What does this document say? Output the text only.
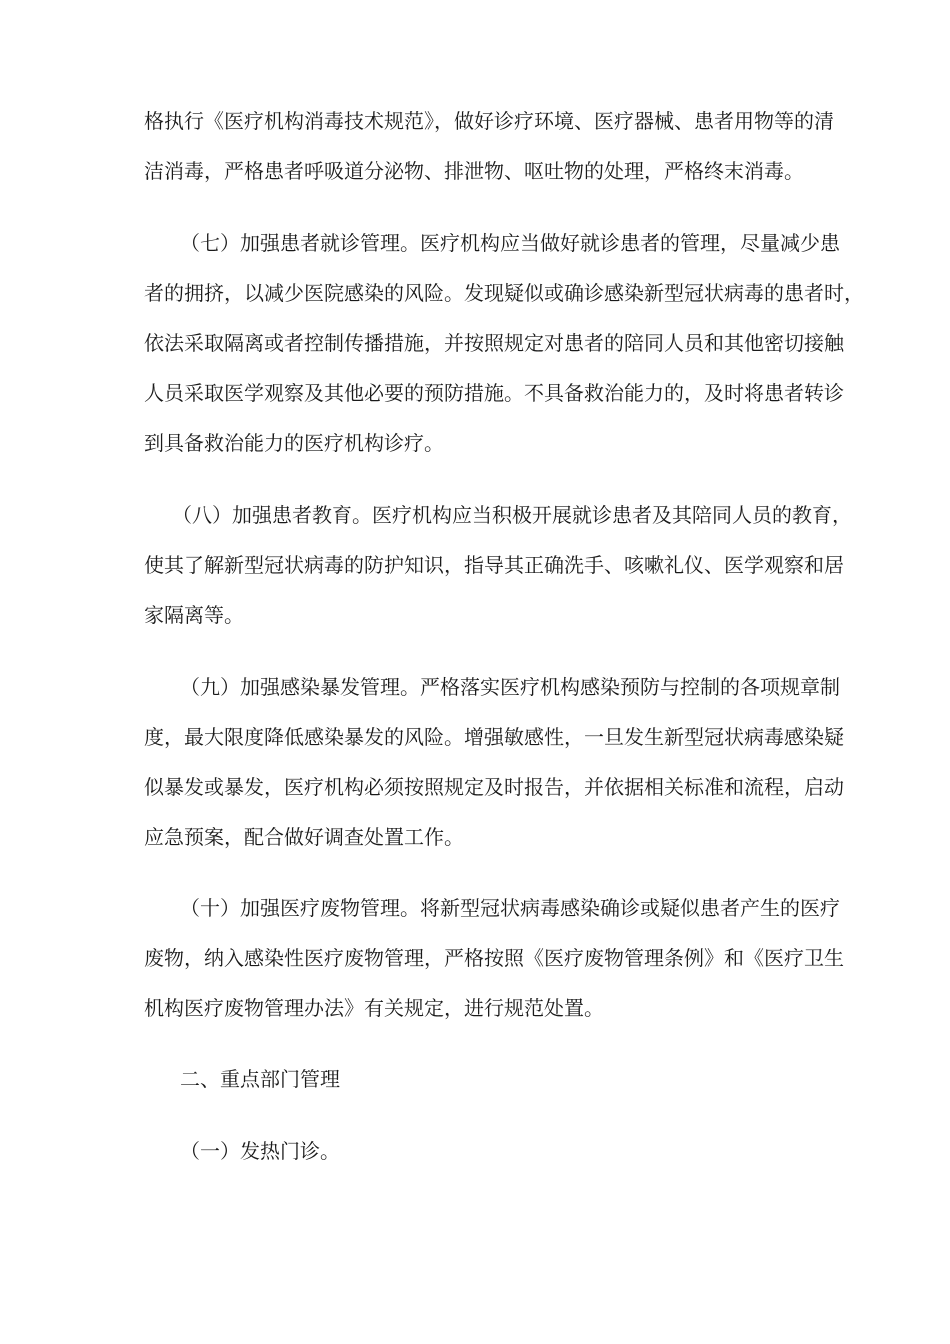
格执行《医疗机构消毒技术规范》，做好诊疗环境、医疗器械、患者用物等的清
洁消毒，严格患者呼吸道分泌物、排泄物、呕吐物的处理，严格终末消毒。
（七）加强患者就诊管理。医疗机构应当做好就诊患者的管理，尽量减少患
者的拥挤，以减少医院感染的风险。发现疑似或确诊感染新型冠状病毒的患者时，
依法采取隔离或者控制传播措施，并按照规定对患者的陪同人员和其他密切接触
人员采取医学观察及其他必要的预防措施。不具备救治能力的，及时将患者转诊
到具备救治能力的医疗机构诊疗。
（八）加强患者教育。医疗机构应当积极开展就诊患者及其陪同人员的教育，
使其了解新型冠状病毒的防护知识，指导其正确洗手、咳嗽礼仪、医学观察和居
家隔离等。
（九）加强感染暴发管理。严格落实医疗机构感染预防与控制的各项规章制
度，最大限度降低感染暴发的风险。增强敏感性，一旦发生新型冠状病毒感染疑
似暴发或暴发，医疗机构必须按照规定及时报告，并依据相关标准和流程，启动
应急预案，配合做好调查处置工作。
（十）加强医疗废物管理。将新型冠状病毒感染确诊或疑似患者产生的医疗
废物，纳入感染性医疗废物管理，严格按照《医疗废物管理条例》和《医疗卫生
机构医疗废物管理办法》有关规定，进行规范处置。
二、重点部门管理
（一）发热门诊。
